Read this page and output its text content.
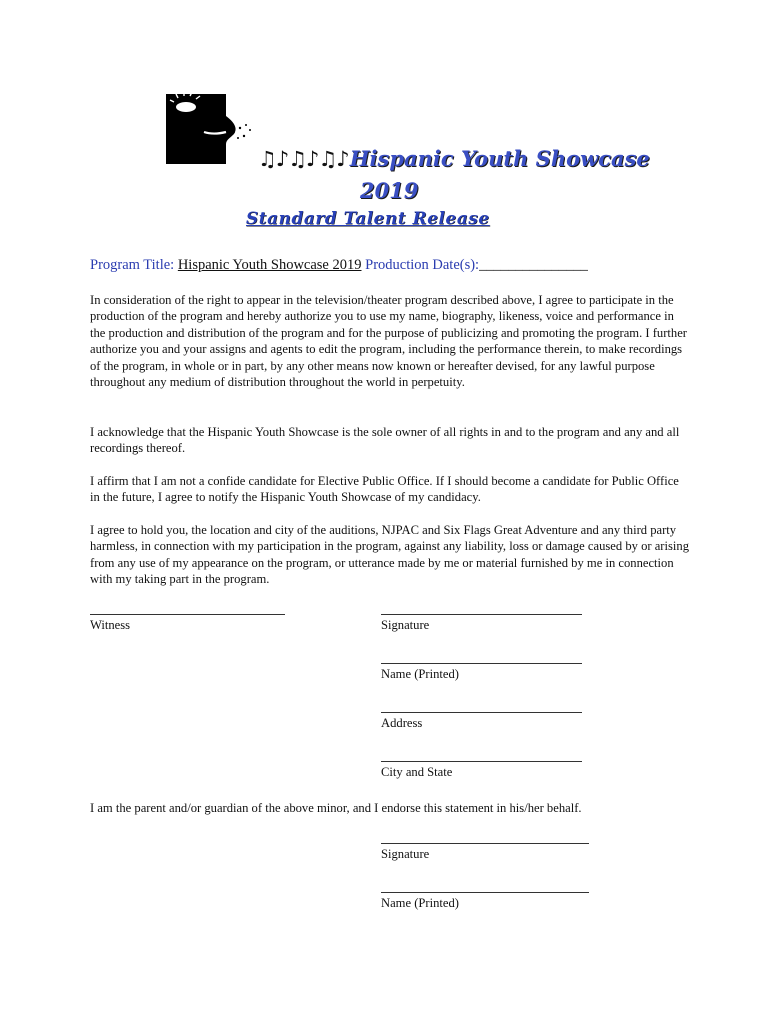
♫♪♫♪♫♪Hispanic Youth Showcase
2019
Standard Talent Release
Program Title: Hispanic Youth Showcase 2019 Production Date(s):_______________
In consideration of the right to appear in the television/theater program described above, I agree to participate in the production of the program and hereby authorize you to use my name, biography, likeness, voice and performance in the production and distribution of the program and for the purpose of publicizing and promoting the program. I further authorize you and your assigns and agents to edit the program, including the performance therein, to make recordings of the program, in whole or in part, by any other means now known or hereafter devised, for any lawful purpose throughout any medium of distribution throughout the world in perpetuity.
I acknowledge that the Hispanic Youth Showcase is the sole owner of all rights in and to the program and any and all recordings thereof.
I affirm that I am not a confide candidate for Elective Public Office. If I should become a candidate for Public Office in the future, I agree to notify the Hispanic Youth Showcase of my candidacy.
I agree to hold you, the location and city of the auditions, NJPAC and Six Flags Great Adventure and any third party harmless, in connection with my participation in the program, against any liability, loss or damage caused by or arising from any use of my appearance on the program, or utterance made by me or material furnished by me in connection with my taking part in the program.
Witness	Signature
Name (Printed)
Address
City and State
I am the parent and/or guardian of the above minor, and I endorse this statement in his/her behalf.
Signature
Name (Printed)
